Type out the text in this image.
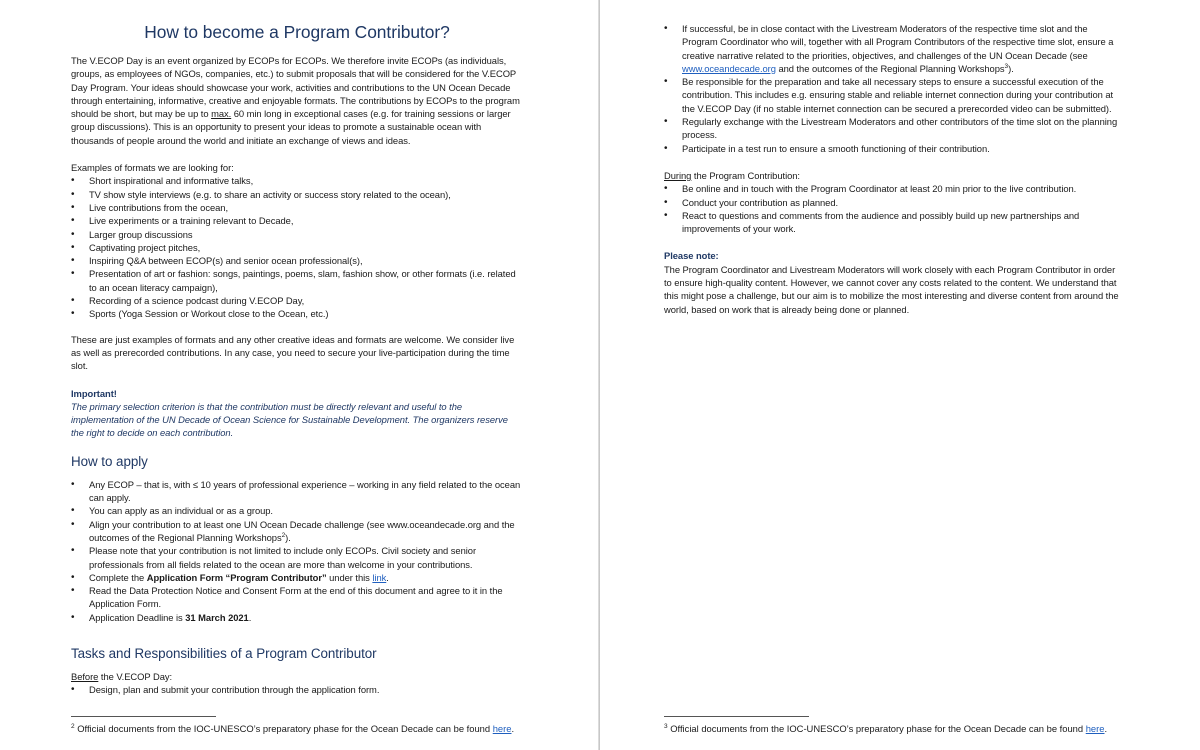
How to become a Program Contributor?

The V.ECOP Day is an event organized by ECOPs for ECOPs. We therefore invite ECOPs (as individuals, groups, as employees of NGOs, companies, etc.) to submit proposals that will be considered for the V.ECOP Day Program. Your ideas should showcase your work, activities and contributions to the UN Ocean Decade through entertaining, informative, creative and enjoyable formats. The contributions by ECOPs to the program should be short, but may be up to max. 60 min long in exceptional cases (e.g. for training sessions or larger group discussions). This is an opportunity to present your ideas to promote a sustainable ocean with thousands of people around the world and initiate an exchange of views and ideas.

Examples of formats we are looking for:

• Short inspirational and informative talks,
• TV show style interviews (e.g. to share an activity or success story related to the ocean),
• Live contributions from the ocean,
• Live experiments or a training relevant to Decade,
• Larger group discussions
• Captivating project pitches,
• Inspiring Q&A between ECOP(s) and senior ocean professional(s),
• Presentation of art or fashion: songs, paintings, poems, slam, fashion show, or other formats (i.e. related to an ocean literacy campaign),
• Recording of a science podcast during V.ECOP Day,
• Sports (Yoga Session or Workout close to the Ocean, etc.)

These are just examples of formats and any other creative ideas and formats are welcome. We consider live as well as prerecorded contributions. In any case, you need to secure your live-participation during the time slot.

Important!

The primary selection criterion is that the contribution must be directly relevant and useful to the implementation of the UN Decade of Ocean Science for Sustainable Development. The organizers reserve the right to decide on each contribution.

How to apply
• Any ECOP – that is, with ≤ 10 years of professional experience – working in any field related to the ocean can apply.
• You can apply as an individual or as a group.
• Align your contribution to at least one UN Ocean Decade challenge (see www.oceandecade.org and the outcomes of the Regional Planning Workshops$^2$).
• Please note that your contribution is not limited to include only ECOPs. Civil society and senior professionals from all fields related to the ocean are more than welcome in your contributions.
• Complete the Application Form “Program Contributor” under this link.
• Read the Data Protection Notice and Consent Form at the end of this document and agree to it in the Application Form.
• Application Deadline is 31 March 2021.
Tasks and Responsibilities of a Program Contributor

Before the V.ECOP Day:

• Design, plan and submit your contribution through the application form.

$^2$ Official documents from the IOC-UNESCO’s preparatory phase for the Ocean Decade can be found here.

• If successful, be in close contact with the Livestream Moderators of the respective time slot and the Program Coordinator who will, together with all Program Contributors of the respective time slot, ensure a creative narrative related to the priorities, objectives, and challenges of the UN Ocean Decade (see www.oceandecade.org and the outcomes of the Regional Planning Workshops$^3$).
• Be responsible for the preparation and take all necessary steps to ensure a successful execution of the contribution. This includes e.g. ensuring stable and reliable internet connection during your contribution at the V.ECOP Day (if no stable internet connection can be secured a prerecorded video can be submitted).
• Regularly exchange with the Livestream Moderators and other contributors of the time slot on the planning process.
• Participate in a test run to ensure a smooth functioning of their contribution.

During the Program Contribution:

• Be online and in touch with the Program Coordinator at least 20 min prior to the live contribution.
• Conduct your contribution as planned.
• React to questions and comments from the audience and possibly build up new partnerships and improvements of your work.

Please note:

The Program Coordinator and Livestream Moderators will work closely with each Program Contributor in order to ensure high-quality content. However, we cannot cover any costs related to the content. We understand that this might pose a challenge, but our aim is to mobilize the most interesting and diverse content from around the world, based on work that is already being done or planned.

$^3$ Official documents from the IOC-UNESCO’s preparatory phase for the Ocean Decade can be found here.
